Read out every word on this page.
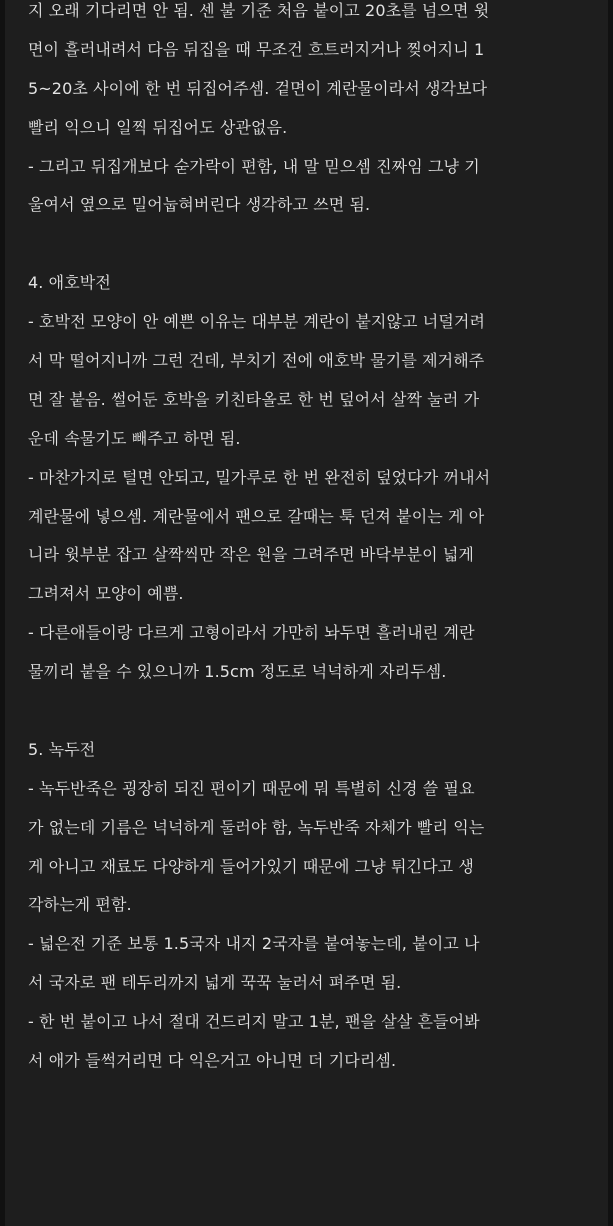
지 오래 기다리면 안 됨. 센 불 기준 처음 붙이고 20초를 넘으면 윗
면이 흘러내려서 다음 뒤집을 때 무조건 흐트러지거나 찢어지니 1
5~20초 사이에 한 번 뒤집어주셈. 겉면이 계란물이라서 생각보다
빨리 익으니 일찍 뒤집어도 상관없음.
- 그리고 뒤집개보다 숟가락이 편함, 내 말 믿으셈 진짜임 그냥 기
울여서 옆으로 밀어눕혀버린다 생각하고 쓰면 됨.
4. 애호박전
- 호박전 모양이 안 예쁜 이유는 대부분 계란이 붙지않고 너덜거려
서 막 떨어지니까 그런 건데, 부치기 전에 애호박 물기를 제거해주
면 잘 붙음. 썰어둔 호박을 키친타올로 한 번 덮어서 살짝 눌러 가
운데 속물기도 빼주고 하면 됨.
- 마찬가지로 털면 안되고, 밀가루로 한 번 완전히 덮었다가 꺼내서
계란물에 넣으셈. 계란물에서 팬으로 갈때는 툭 던져 붙이는 게 아
니라 윗부분 잡고 살짝씩만 작은 원을 그려주면 바닥부분이 넓게
그려져서 모양이 예쁨.
- 다른애들이랑 다르게 고형이라서 가만히 놔두면 흘러내린 계란
물끼리 붙을 수 있으니까 1.5cm 정도로 넉넉하게 자리두셈.
5. 녹두전
- 녹두반죽은 굉장히 되진 편이기 때문에 뭐 특별히 신경 쓸 필요
가 없는데 기름은 넉넉하게 둘러야 함, 녹두반죽 자체가 빨리 익는
게 아니고 재료도 다양하게 들어가있기 때문에 그냥 튀긴다고 생
각하는게 편함.
- 넓은전 기준 보통 1.5국자 내지 2국자를 붙여놓는데, 붙이고 나
서 국자로 팬 테두리까지 넓게 꾹꾹 눌러서 펴주면 됨.
- 한 번 붙이고 나서 절대 건드리지 말고 1분, 팬을 살살 흔들어봐
서 애가 들썩거리면 다 익은거고 아니면 더 기다리셈.
